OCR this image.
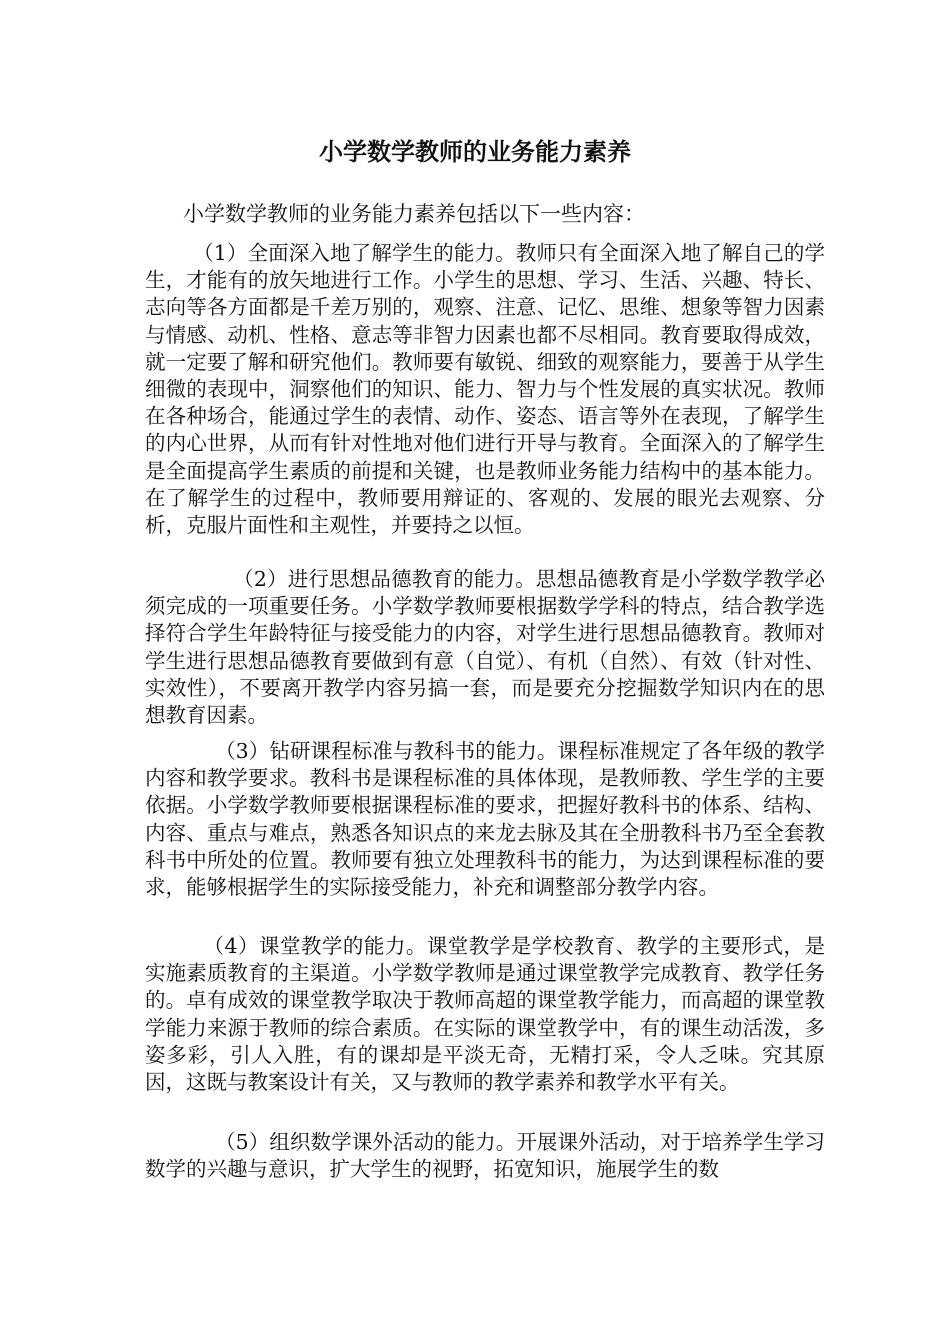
小学数学教师的业务能力素养

小学数学教师的业务能力素养包括以下一些内容：

（1）全面深入地了解学生的能力。教师只有全面深入地了解自己的学生，才能有的放矢地进行工作。小学生的思想、学习、生活、兴趣、特长、志向等各方面都是千差万别的，观察、注意、记忆、思维、想象等智力因素与情感、动机、性格、意志等非智力因素也都不尽相同。教育要取得成效，就一定要了解和研究他们。教师要有敏锐、细致的观察能力，要善于从学生细微的表现中，洞察他们的知识、能力、智力与个性发展的真实状况。教师在各种场合，能通过学生的表情、动作、姿态、语言等外在表现，了解学生的内心世界，从而有针对性地对他们进行开导与教育。全面深入的了解学生是全面提高学生素质的前提和关键，也是教师业务能力结构中的基本能力。在了解学生的过程中，教师要用辩证的、客观的、发展的眼光去观察、分析，克服片面性和主观性，并要持之以恒。

（2）进行思想品德教育的能力。思想品德教育是小学数学教学必须完成的一项重要任务。小学数学教师要根据数学学科的特点，结合教学选择符合学生年龄特征与接受能力的内容，对学生进行思想品德教育。教师对学生进行思想品德教育要做到有意（自觉）、有机（自然）、有效（针对性、实效性），不要离开教学内容另搞一套，而是要充分挖掘数学知识内在的思想教育因素。

（3）钻研课程标准与教科书的能力。课程标准规定了各年级的教学内容和教学要求。教科书是课程标准的具体体现，是教师教、学生学的主要依据。小学数学教师要根据课程标准的要求，把握好教科书的体系、结构、内容、重点与难点，熟悉各知识点的来龙去脉及其在全册教科书乃至全套教科书中所处的位置。教师要有独立处理教科书的能力，为达到课程标准的要求，能够根据学生的实际接受能力，补充和调整部分教学内容。

（4）课堂教学的能力。课堂教学是学校教育、教学的主要形式，是实施素质教育的主渠道。小学数学教师是通过课堂教学完成教育、教学任务的。卓有成效的课堂教学取决于教师高超的课堂教学能力，而高超的课堂教学能力来源于教师的综合素质。在实际的课堂教学中，有的课生动活泼，多姿多彩，引人入胜，有的课却是平淡无奇，无精打采，令人乏味。究其原因，这既与教案设计有关，又与教师的教学素养和教学水平有关。

（5）组织数学课外活动的能力。开展课外活动，对于培养学生学习数学的兴趣与意识，扩大学生的视野，拓宽知识，施展学生的数
